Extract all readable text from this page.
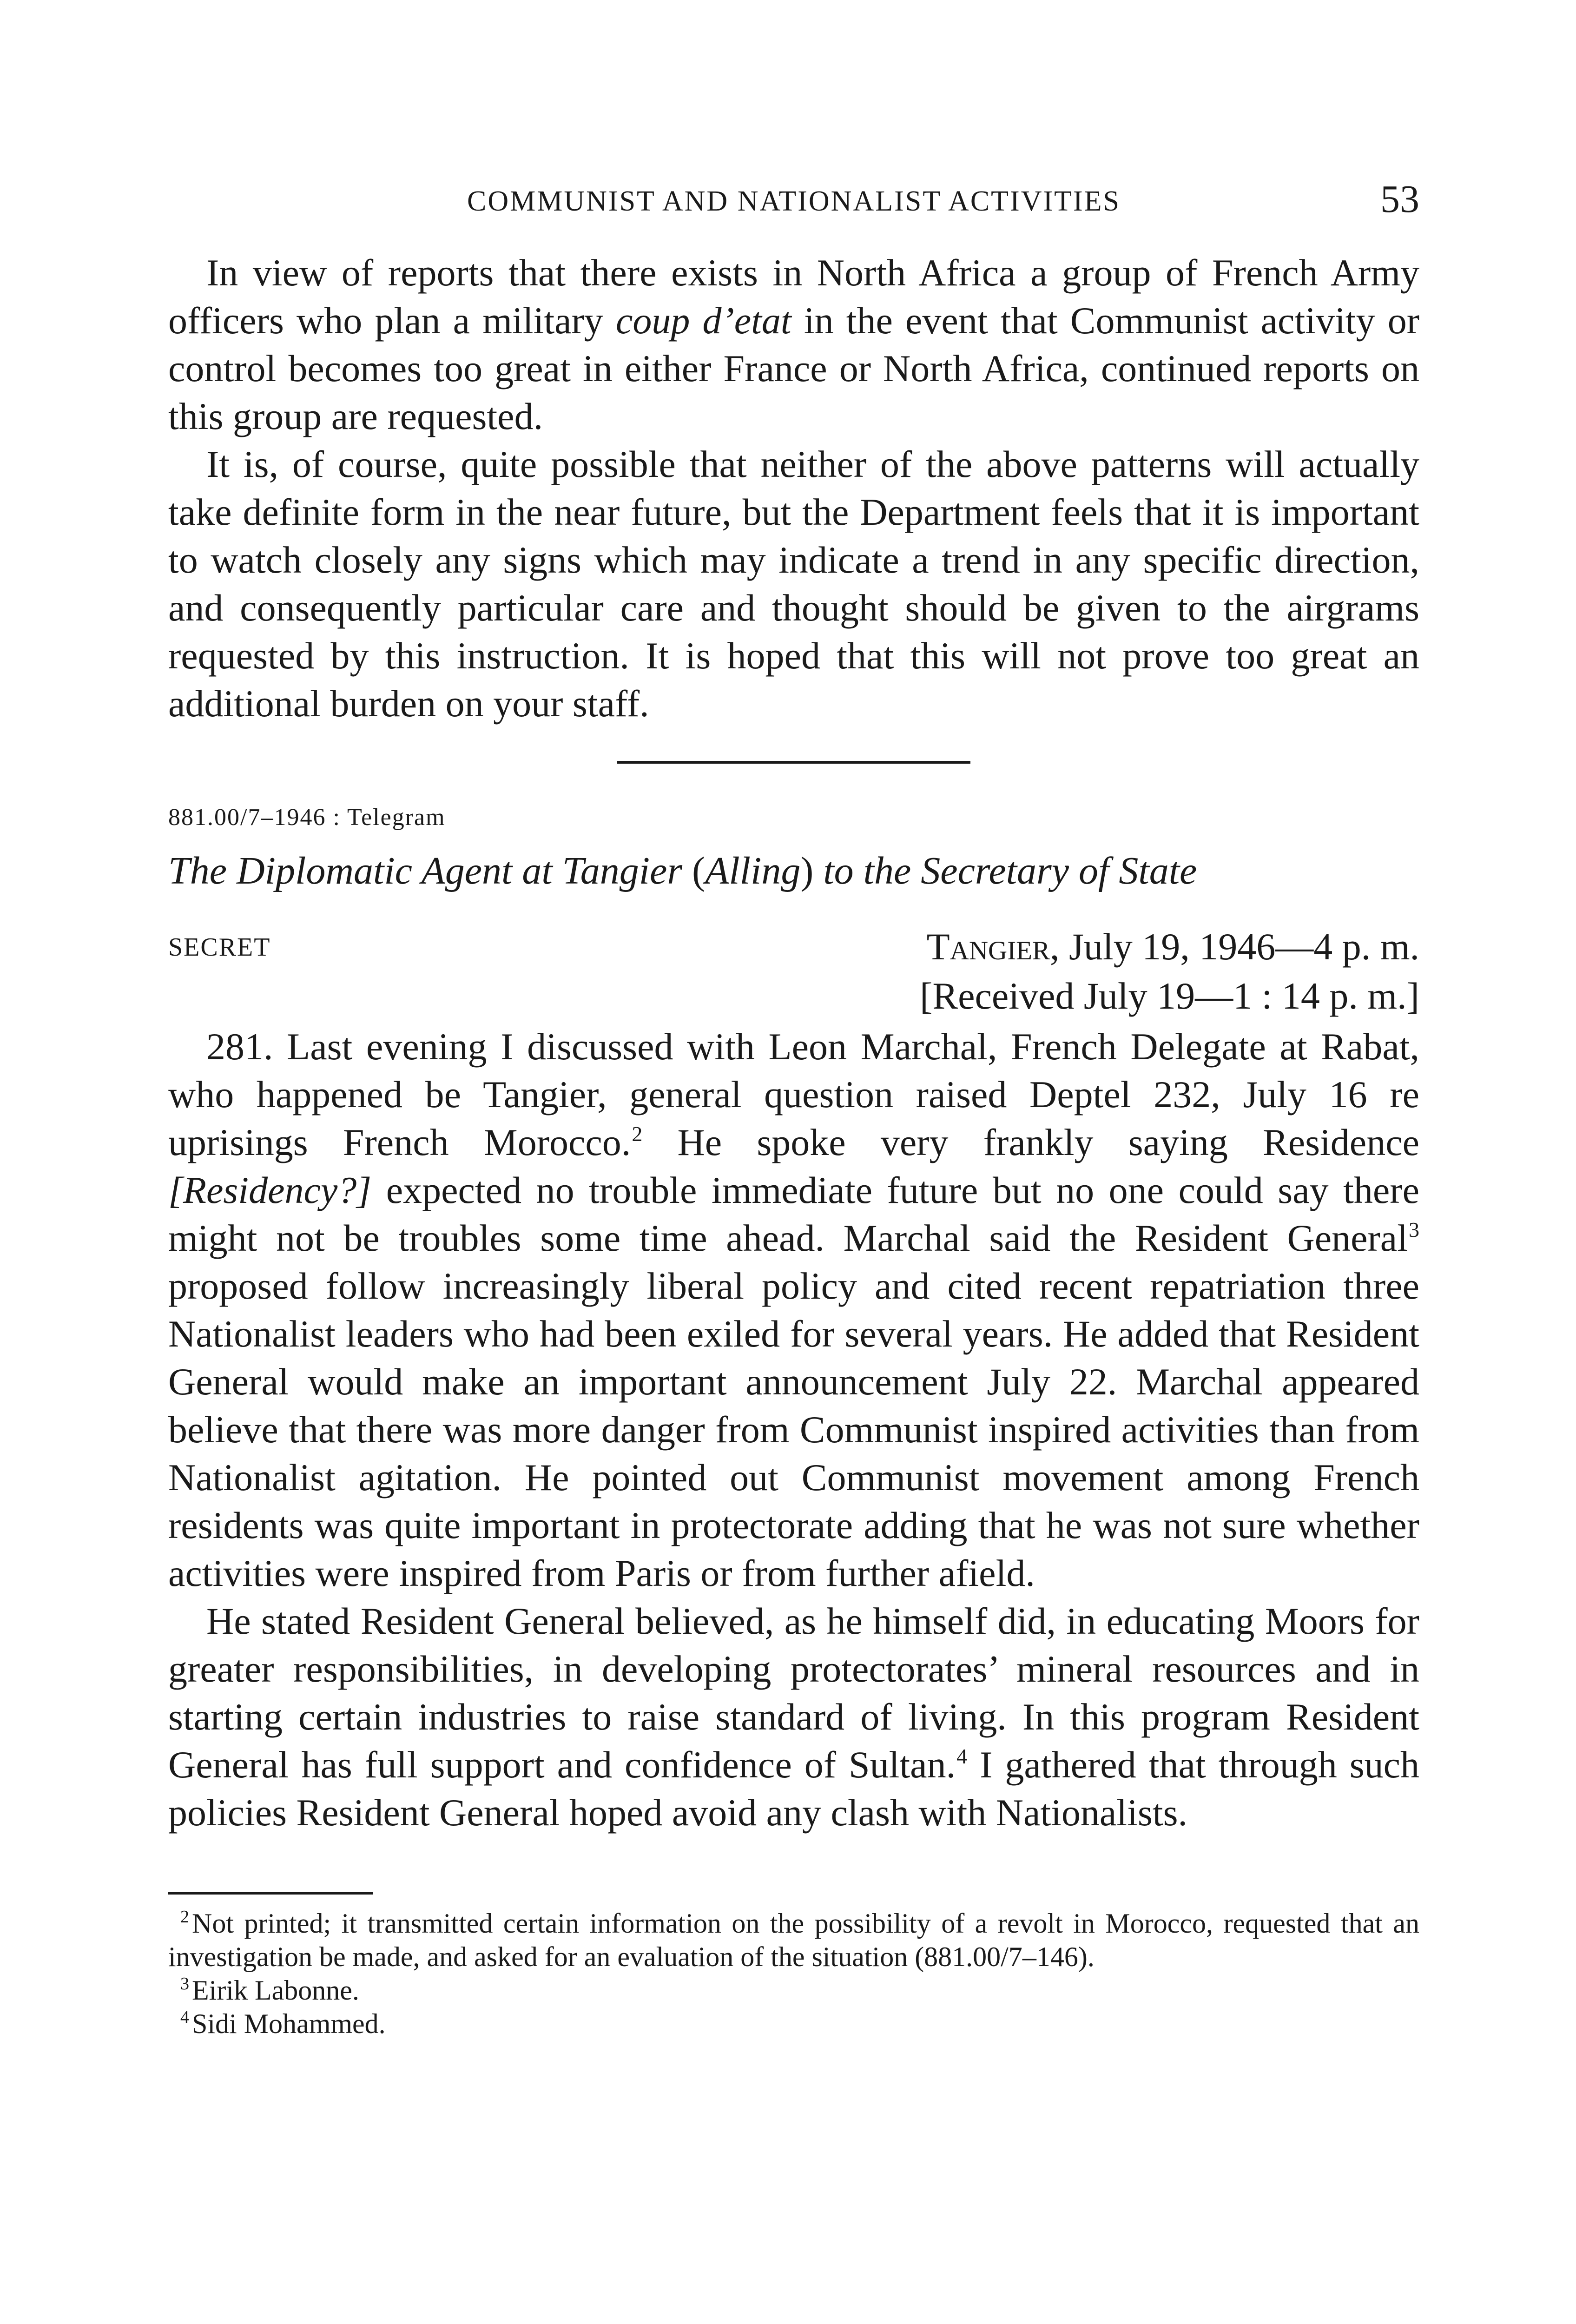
COMMUNIST AND NATIONALIST ACTIVITIES	53

In view of reports that there exists in North Africa a group of French Army officers who plan a military coup d’etat in the event that Communist activity or control becomes too great in either France or North Africa, continued reports on this group are requested.

It is, of course, quite possible that neither of the above patterns will actually take definite form in the near future, but the Department feels that it is important to watch closely any signs which may indicate a trend in any specific direction, and consequently particular care and thought should be given to the airgrams requested by this instruction. It is hoped that this will not prove too great an additional burden on your staff.

881.00/7–1946 : Telegram
The Diplomatic Agent at Tangier (Alling) to the Secretary of State
SECRET	Tangier, July 19, 1946—4 p. m.
[Received July 19—1 : 14 p. m.]

281. Last evening I discussed with Leon Marchal, French Delegate at Rabat, who happened be Tangier, general question raised Deptel 232, July 16 re uprisings French Morocco.$^2$ He spoke very frankly saying Residence [Residency?] expected no trouble immediate future but no one could say there might not be troubles some time ahead. Marchal said the Resident General$^3$ proposed follow increasingly liberal policy and cited recent repatriation three Nationalist leaders who had been exiled for several years. He added that Resident General would make an important announcement July 22. Marchal appeared believe that there was more danger from Communist inspired activities than from Nationalist agitation. He pointed out Communist movement among French residents was quite important in protectorate adding that he was not sure whether activities were inspired from Paris or from further afield.

He stated Resident General believed, as he himself did, in educating Moors for greater responsibilities, in developing protectorates’ mineral resources and in starting certain industries to raise standard of living. In this program Resident General has full support and confidence of Sultan.$^4$ I gathered that through such policies Resident General hoped avoid any clash with Nationalists.

$^2$ Not printed; it transmitted certain information on the possibility of a revolt in Morocco, requested that an investigation be made, and asked for an evaluation of the situation (881.00/7–146).

$^3$ Eirik Labonne.

$^4$ Sidi Mohammed.
